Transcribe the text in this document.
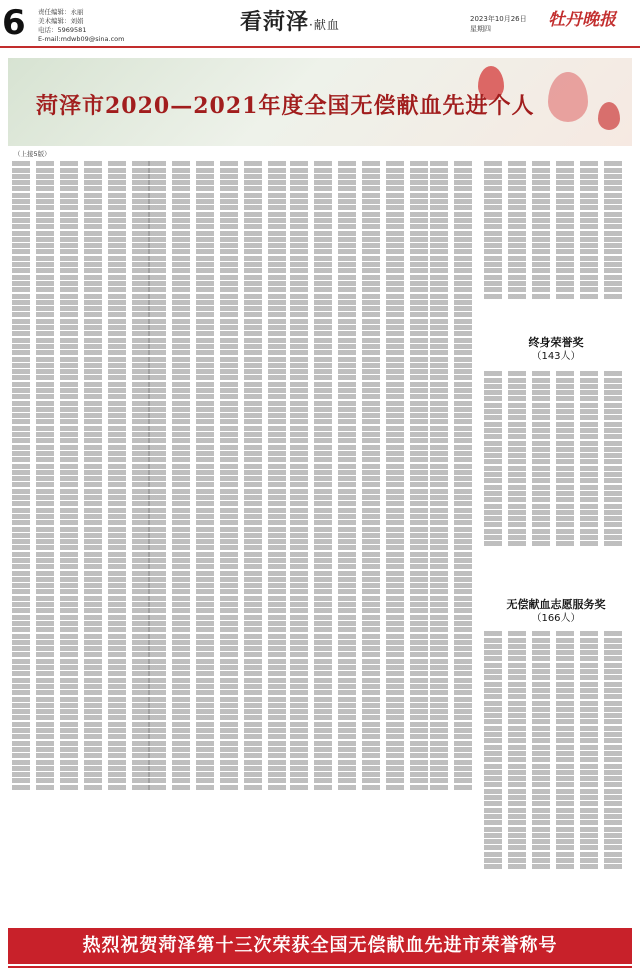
6 责任编辑：永丽
美术编辑：刘娟
电话：5969581
E-mail:mdwb09@sina.com
看菏泽·献血	2023年10月26日
星期四	牡丹晚报
菏泽市2020—2021年度全国无偿献血先进个人
（上接5版）
终身荣誉奖
（143人）
无偿献血志愿服务奖
（166人）
热烈祝贺菏泽第十三次荣获全国无偿献血先进市荣誉称号
